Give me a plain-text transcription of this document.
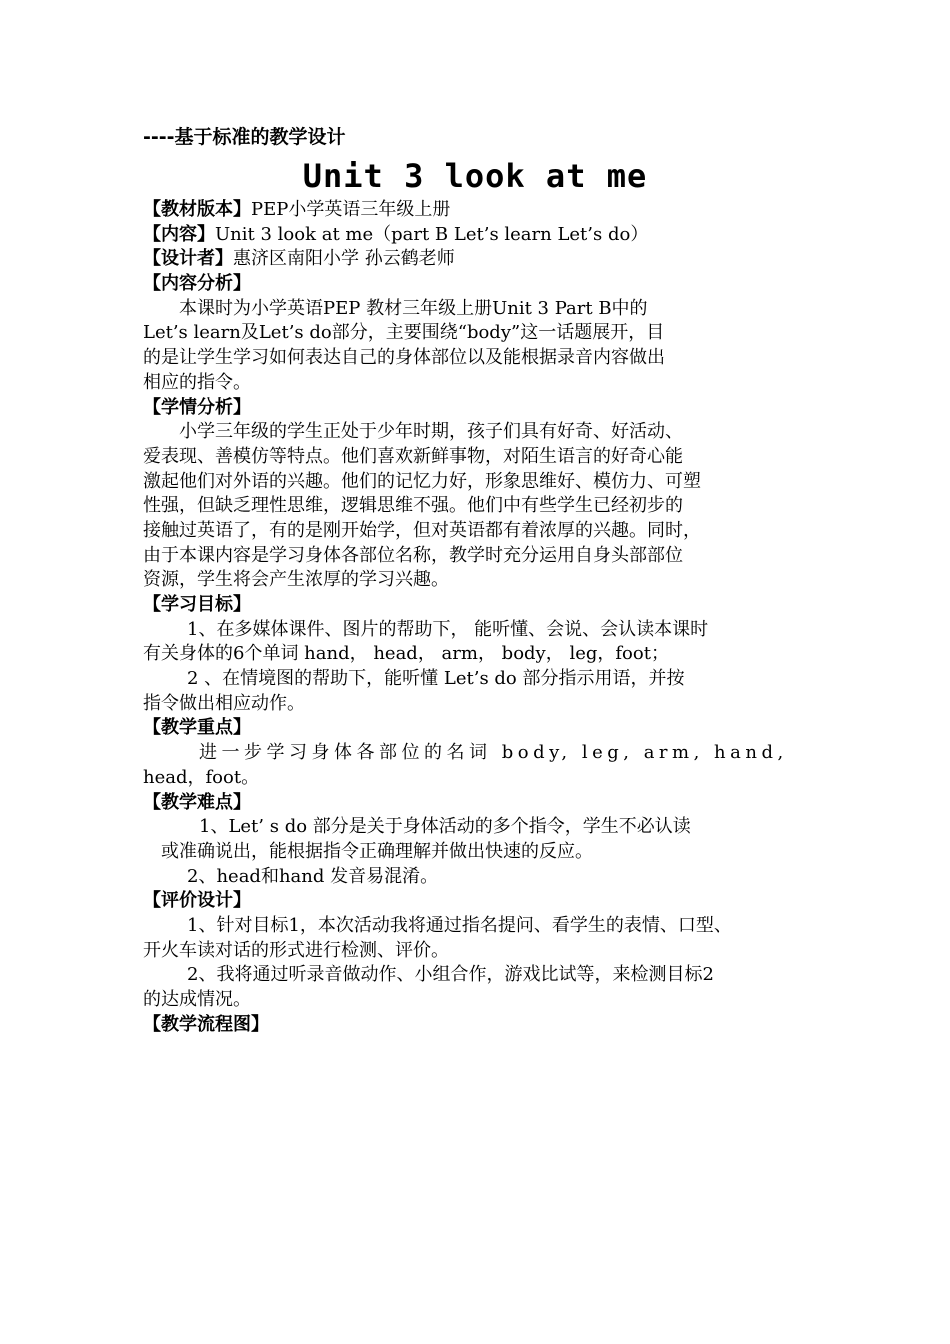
----基于标准的教学设计
Unit 3 look at me
【教材版本】PEP小学英语三年级上册
【内容】Unit 3 look at me（part B Let’s learn Let’s do）
【设计者】惠济区南阳小学 孙云鹤老师
【内容分析】
本课时为小学英语PEP 教材三年级上册Unit 3 Part B中的
Let’s learn及Let’s do部分，主要围绕“body”这一话题展开，目
的是让学生学习如何表达自己的身体部位以及能根据录音内容做出
相应的指令。
【学情分析】
小学三年级的学生正处于少年时期，孩子们具有好奇、好活动、
爱表现、善模仿等特点。他们喜欢新鲜事物，对陌生语言的好奇心能
激起他们对外语的兴趣。他们的记忆力好，形象思维好、模仿力、可塑
性强，但缺乏理性思维，逻辑思维不强。他们中有些学生已经初步的
接触过英语了，有的是刚开始学，但对英语都有着浓厚的兴趣。同时，
由于本课内容是学习身体各部位名称，教学时充分运用自身头部部位
资源，学生将会产生浓厚的学习兴趣。
【学习目标】
1、在多媒体课件、图片的帮助下， 能听懂、会说、会认读本课时
有关身体的6个单词 hand， head， arm， body， leg，foot；
2 、在情境图的帮助下，能听懂 Let’s do 部分指示用语，并按
指令做出相应动作。
【教学重点】
进一步学习身体各部位的名词 body, leg, arm, hand,
head，foot。
【教学难点】
1、Let’ s do 部分是关于身体活动的多个指令，学生不必认读
或准确说出，能根据指令正确理解并做出快速的反应。
2、head和hand 发音易混淆。
【评价设计】
1、针对目标1，本次活动我将通过指名提问、看学生的表情、口型、
开火车读对话的形式进行检测、评价。
2、我将通过听录音做动作、小组合作，游戏比试等，来检测目标2
的达成情况。
【教学流程图】
